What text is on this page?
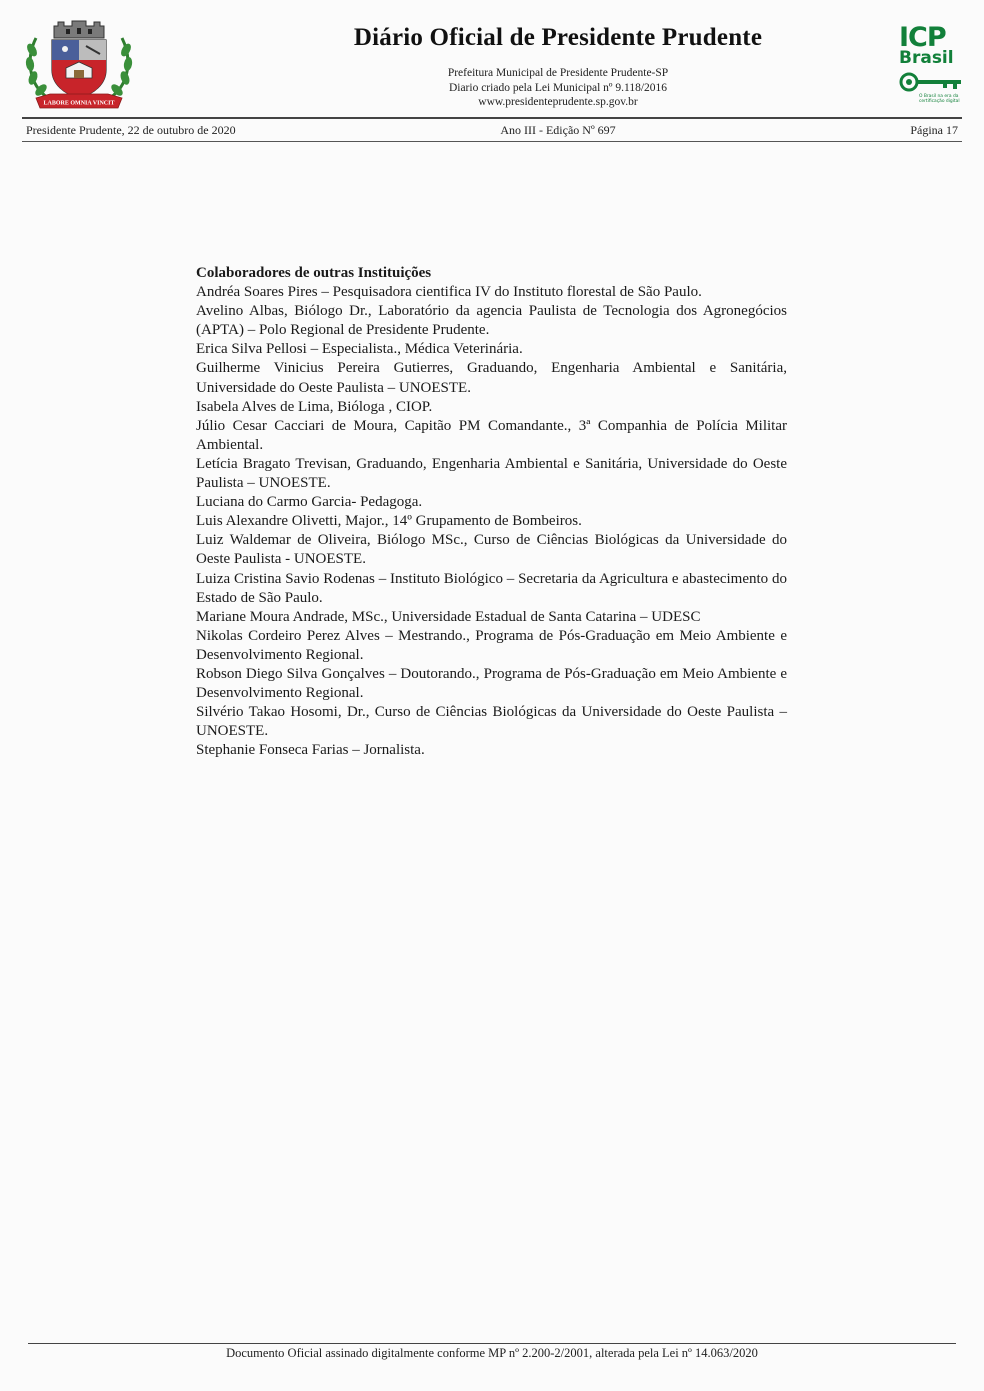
LABORE OMNIA VINCIT
Diário Oficial de Presidente Prudente
Prefeitura Municipal de Presidente Prudente-SP
Diario criado pela Lei Municipal nº 9.118/2016
www.presidenteprudente.sp.gov.br
ICP
Brasil
O Brasil na era da certificação digital
Presidente Prudente, 22 de outubro de 2020	Ano III - Edição Nº 697	Página 17

Colaboradores de outras Instituições

Andréa Soares Pires – Pesquisadora cientifica IV do Instituto florestal de São Paulo.
Avelino Albas, Biólogo Dr., Laboratório da agencia Paulista de Tecnologia dos Agronegócios (APTA) – Polo Regional de Presidente Prudente.
Erica Silva Pellosi – Especialista., Médica Veterinária.
Guilherme Vinicius Pereira Gutierres, Graduando, Engenharia Ambiental e Sanitária, Universidade do Oeste Paulista – UNOESTE.
Isabela Alves de Lima, Bióloga , CIOP.
Júlio Cesar Cacciari de Moura, Capitão PM Comandante., 3ª Companhia de Polícia Militar Ambiental.
Letícia Bragato Trevisan, Graduando, Engenharia Ambiental e Sanitária, Universidade do Oeste Paulista – UNOESTE.
Luciana do Carmo Garcia- Pedagoga.
Luis Alexandre Olivetti, Major., 14º Grupamento de Bombeiros.
Luiz Waldemar de Oliveira, Biólogo MSc., Curso de Ciências Biológicas da Universidade do Oeste Paulista - UNOESTE.
Luiza Cristina Savio Rodenas – Instituto Biológico – Secretaria da Agricultura e abastecimento do Estado de São Paulo.
Mariane Moura Andrade, MSc., Universidade Estadual de Santa Catarina – UDESC
Nikolas Cordeiro Perez Alves – Mestrando., Programa de Pós-Graduação em Meio Ambiente e Desenvolvimento Regional.
Robson Diego Silva Gonçalves – Doutorando., Programa de Pós-Graduação em Meio Ambiente e Desenvolvimento Regional.
Silvério Takao Hosomi, Dr., Curso de Ciências Biológicas da Universidade do Oeste Paulista – UNOESTE.
Stephanie Fonseca Farias – Jornalista.
Documento Oficial assinado digitalmente conforme MP nº 2.200-2/2001, alterada pela Lei nº 14.063/2020
